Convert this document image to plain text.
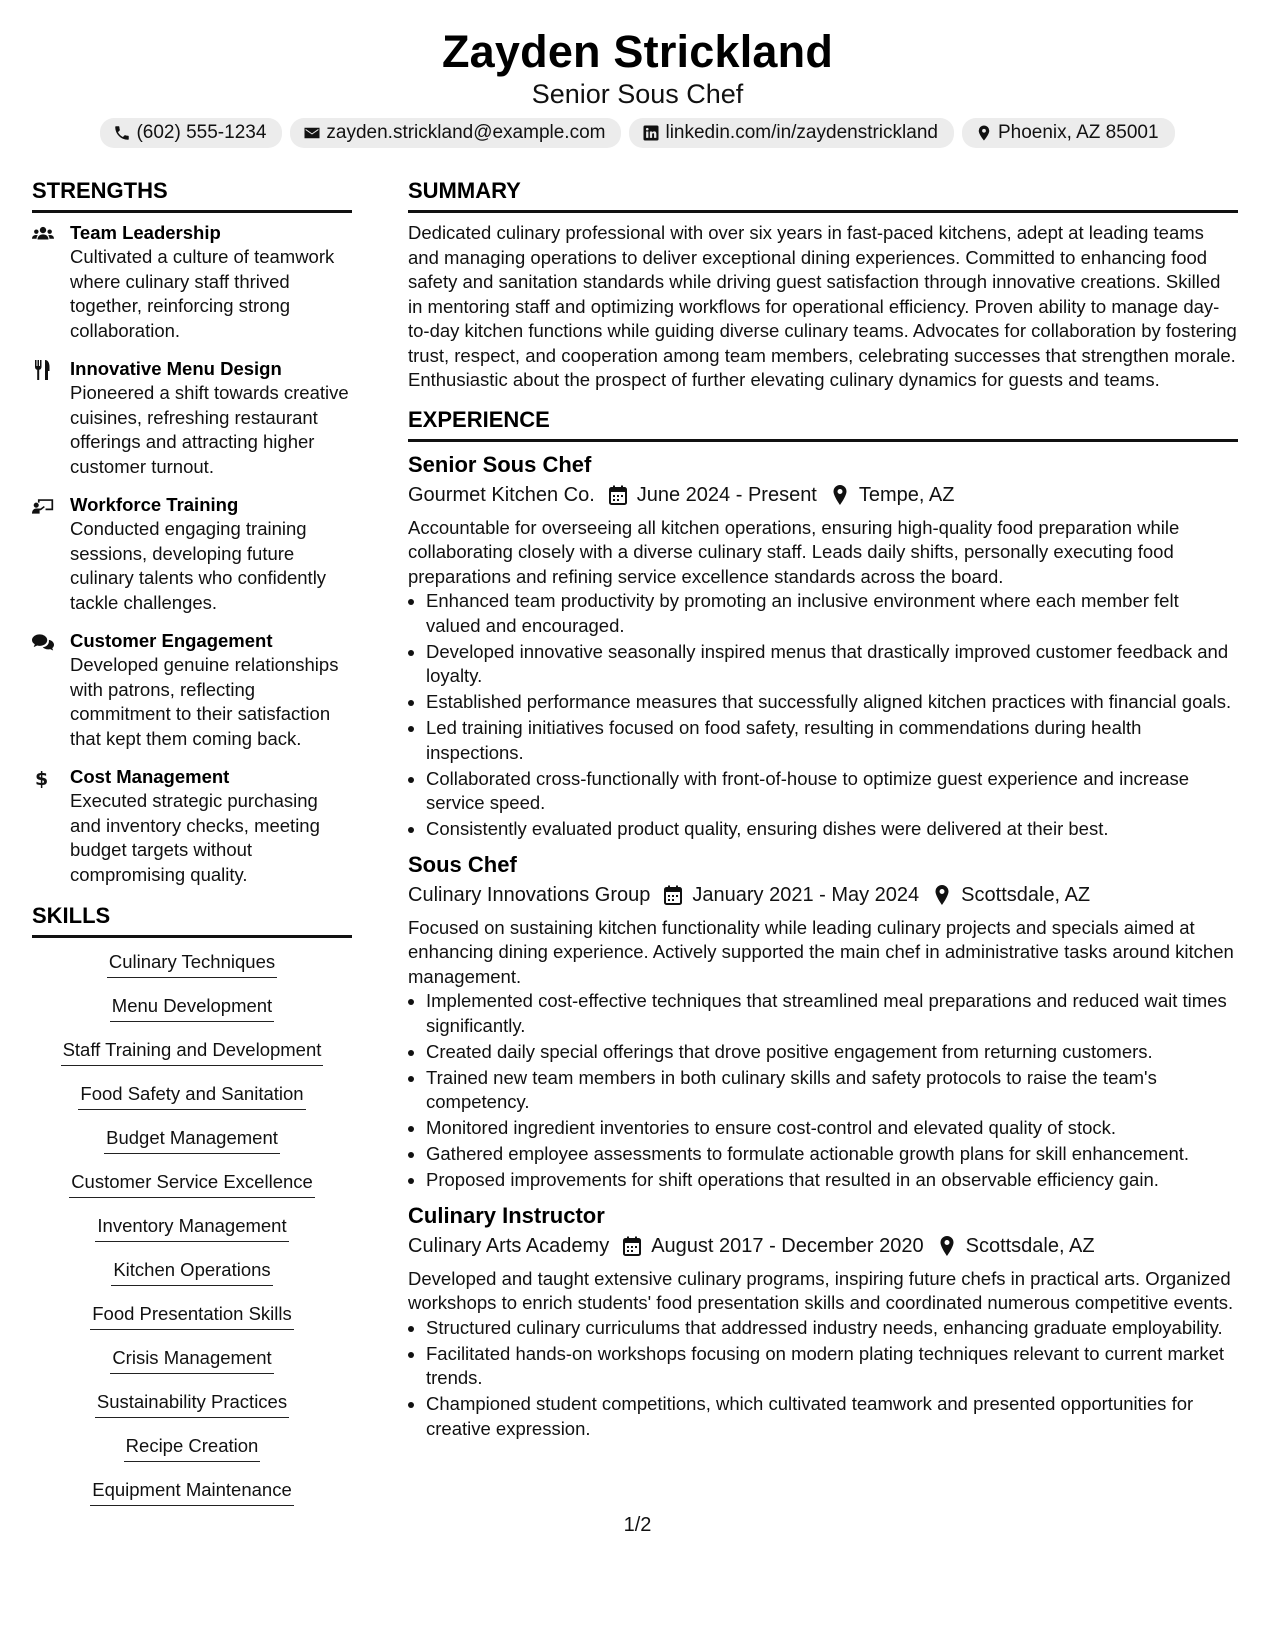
Zayden Strickland
Senior Sous Chef
(602) 555-1234	zayden.strickland@example.com	linkedin.com/in/zaydenstrickland	Phoenix, AZ 85001
STRENGTHS
Team Leadership
Cultivated a culture of teamwork where culinary staff thrived together, reinforcing strong collaboration.
Innovative Menu Design
Pioneered a shift towards creative cuisines, refreshing restaurant offerings and attracting higher customer turnout.
Workforce Training
Conducted engaging training sessions, developing future culinary talents who confidently tackle challenges.
Customer Engagement
Developed genuine relationships with patrons, reflecting commitment to their satisfaction that kept them coming back.
$ Cost Management
Executed strategic purchasing and inventory checks, meeting budget targets without compromising quality.
SKILLS
Culinary Techniques
Menu Development
Staff Training and Development
Food Safety and Sanitation
Budget Management
Customer Service Excellence
Inventory Management
Kitchen Operations
Food Presentation Skills
Crisis Management
Sustainability Practices
Recipe Creation
Equipment Maintenance
SUMMARY

Dedicated culinary professional with over six years in fast-paced kitchens, adept at leading teams and managing operations to deliver exceptional dining experiences. Committed to enhancing food safety and sanitation standards while driving guest satisfaction through innovative creations. Skilled in mentoring staff and optimizing workflows for operational efficiency. Proven ability to manage day-to-day kitchen functions while guiding diverse culinary teams. Advocates for collaboration by fostering trust, respect, and cooperation among team members, celebrating successes that strengthen morale. Enthusiastic about the prospect of further elevating culinary dynamics for guests and teams.

EXPERIENCE
Senior Sous Chef
Gourmet Kitchen Co. June 2024 - Present Tempe, AZ
Accountable for overseeing all kitchen operations, ensuring high-quality food preparation while collaborating closely with a diverse culinary staff. Leads daily shifts, personally executing food preparations and refining service excellence standards across the board.
• Enhanced team productivity by promoting an inclusive environment where each member felt valued and encouraged.
• Developed innovative seasonally inspired menus that drastically improved customer feedback and loyalty.
• Established performance measures that successfully aligned kitchen practices with financial goals.
• Led training initiatives focused on food safety, resulting in commendations during health inspections.
• Collaborated cross-functionally with front-of-house to optimize guest experience and increase service speed.
• Consistently evaluated product quality, ensuring dishes were delivered at their best.
Sous Chef
Culinary Innovations Group January 2021 - May 2024 Scottsdale, AZ
Focused on sustaining kitchen functionality while leading culinary projects and specials aimed at enhancing dining experience. Actively supported the main chef in administrative tasks around kitchen management.
• Implemented cost-effective techniques that streamlined meal preparations and reduced wait times significantly.
• Created daily special offerings that drove positive engagement from returning customers.
• Trained new team members in both culinary skills and safety protocols to raise the team's competency.
• Monitored ingredient inventories to ensure cost-control and elevated quality of stock.
• Gathered employee assessments to formulate actionable growth plans for skill enhancement.
• Proposed improvements for shift operations that resulted in an observable efficiency gain.
Culinary Instructor
Culinary Arts Academy August 2017 - December 2020 Scottsdale, AZ
Developed and taught extensive culinary programs, inspiring future chefs in practical arts. Organized workshops to enrich students' food presentation skills and coordinated numerous competitive events.
• Structured culinary curriculums that addressed industry needs, enhancing graduate employability.
• Facilitated hands-on workshops focusing on modern plating techniques relevant to current market trends.
• Championed student competitions, which cultivated teamwork and presented opportunities for creative expression.
1/2
